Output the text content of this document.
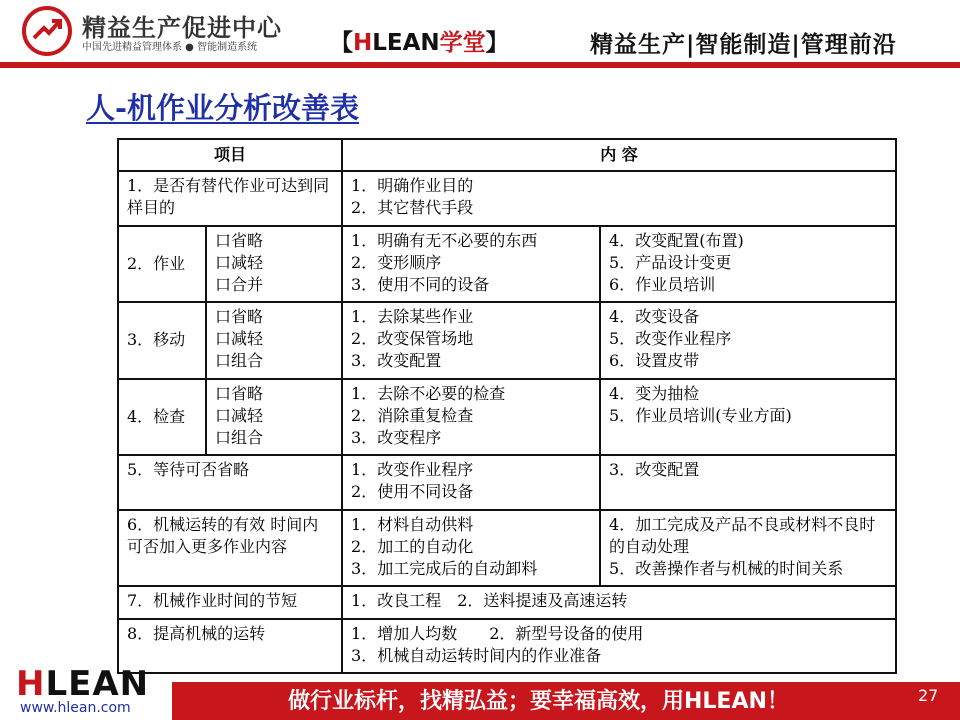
精益生产促进中心
中国先进精益管理体系 ● 智能制造系统	【HLEAN学堂】	精益生产|智能制造|管理前沿
人-机作业分析改善表
项目		内 容	
1．是否有替代作业可达到同样目的		1．明确作业目的
2．其它替代手段	

2．作业	口省略
口减轻
口合并	1．明确有无不必要的东西
2．变形顺序
3．使用不同的设备	4．改变配置(布置)
5．产品设计变更
6．作业员培训

3．移动	口省略
口减轻
口组合	1．去除某些作业
2．改变保管场地
3．改变配置	4．改变设备
5．改变作业程序
6．设置皮带

4．检查	口省略
口减轻
口组合	1．去除不必要的检查
2．消除重复检查
3．改变程序	4．变为抽检
5．作业员培训(专业方面)

5．等待可否省略		1．改变作业程序
2．使用不同设备	3．改变配置

6．机械运转的有效 时间内可否加入更多作业内容		1．材料自动供料
2．加工的自动化
3．加工完成后的自动卸料	4．加工完成及产品不良或材料不良时的自动处理
5．改善操作者与机械的时间关系

7．机械作业时间的节短		1．改良工程　2．送料提速及高速运转	

8．提高机械的运转		1．增加人均数　　2．新型号设备的使用
3．机械自动运转时间内的作业准备	
HLEAN
www.hlean.com	做行业标杆，找精弘益；要幸福高效，用HLEAN！	27
